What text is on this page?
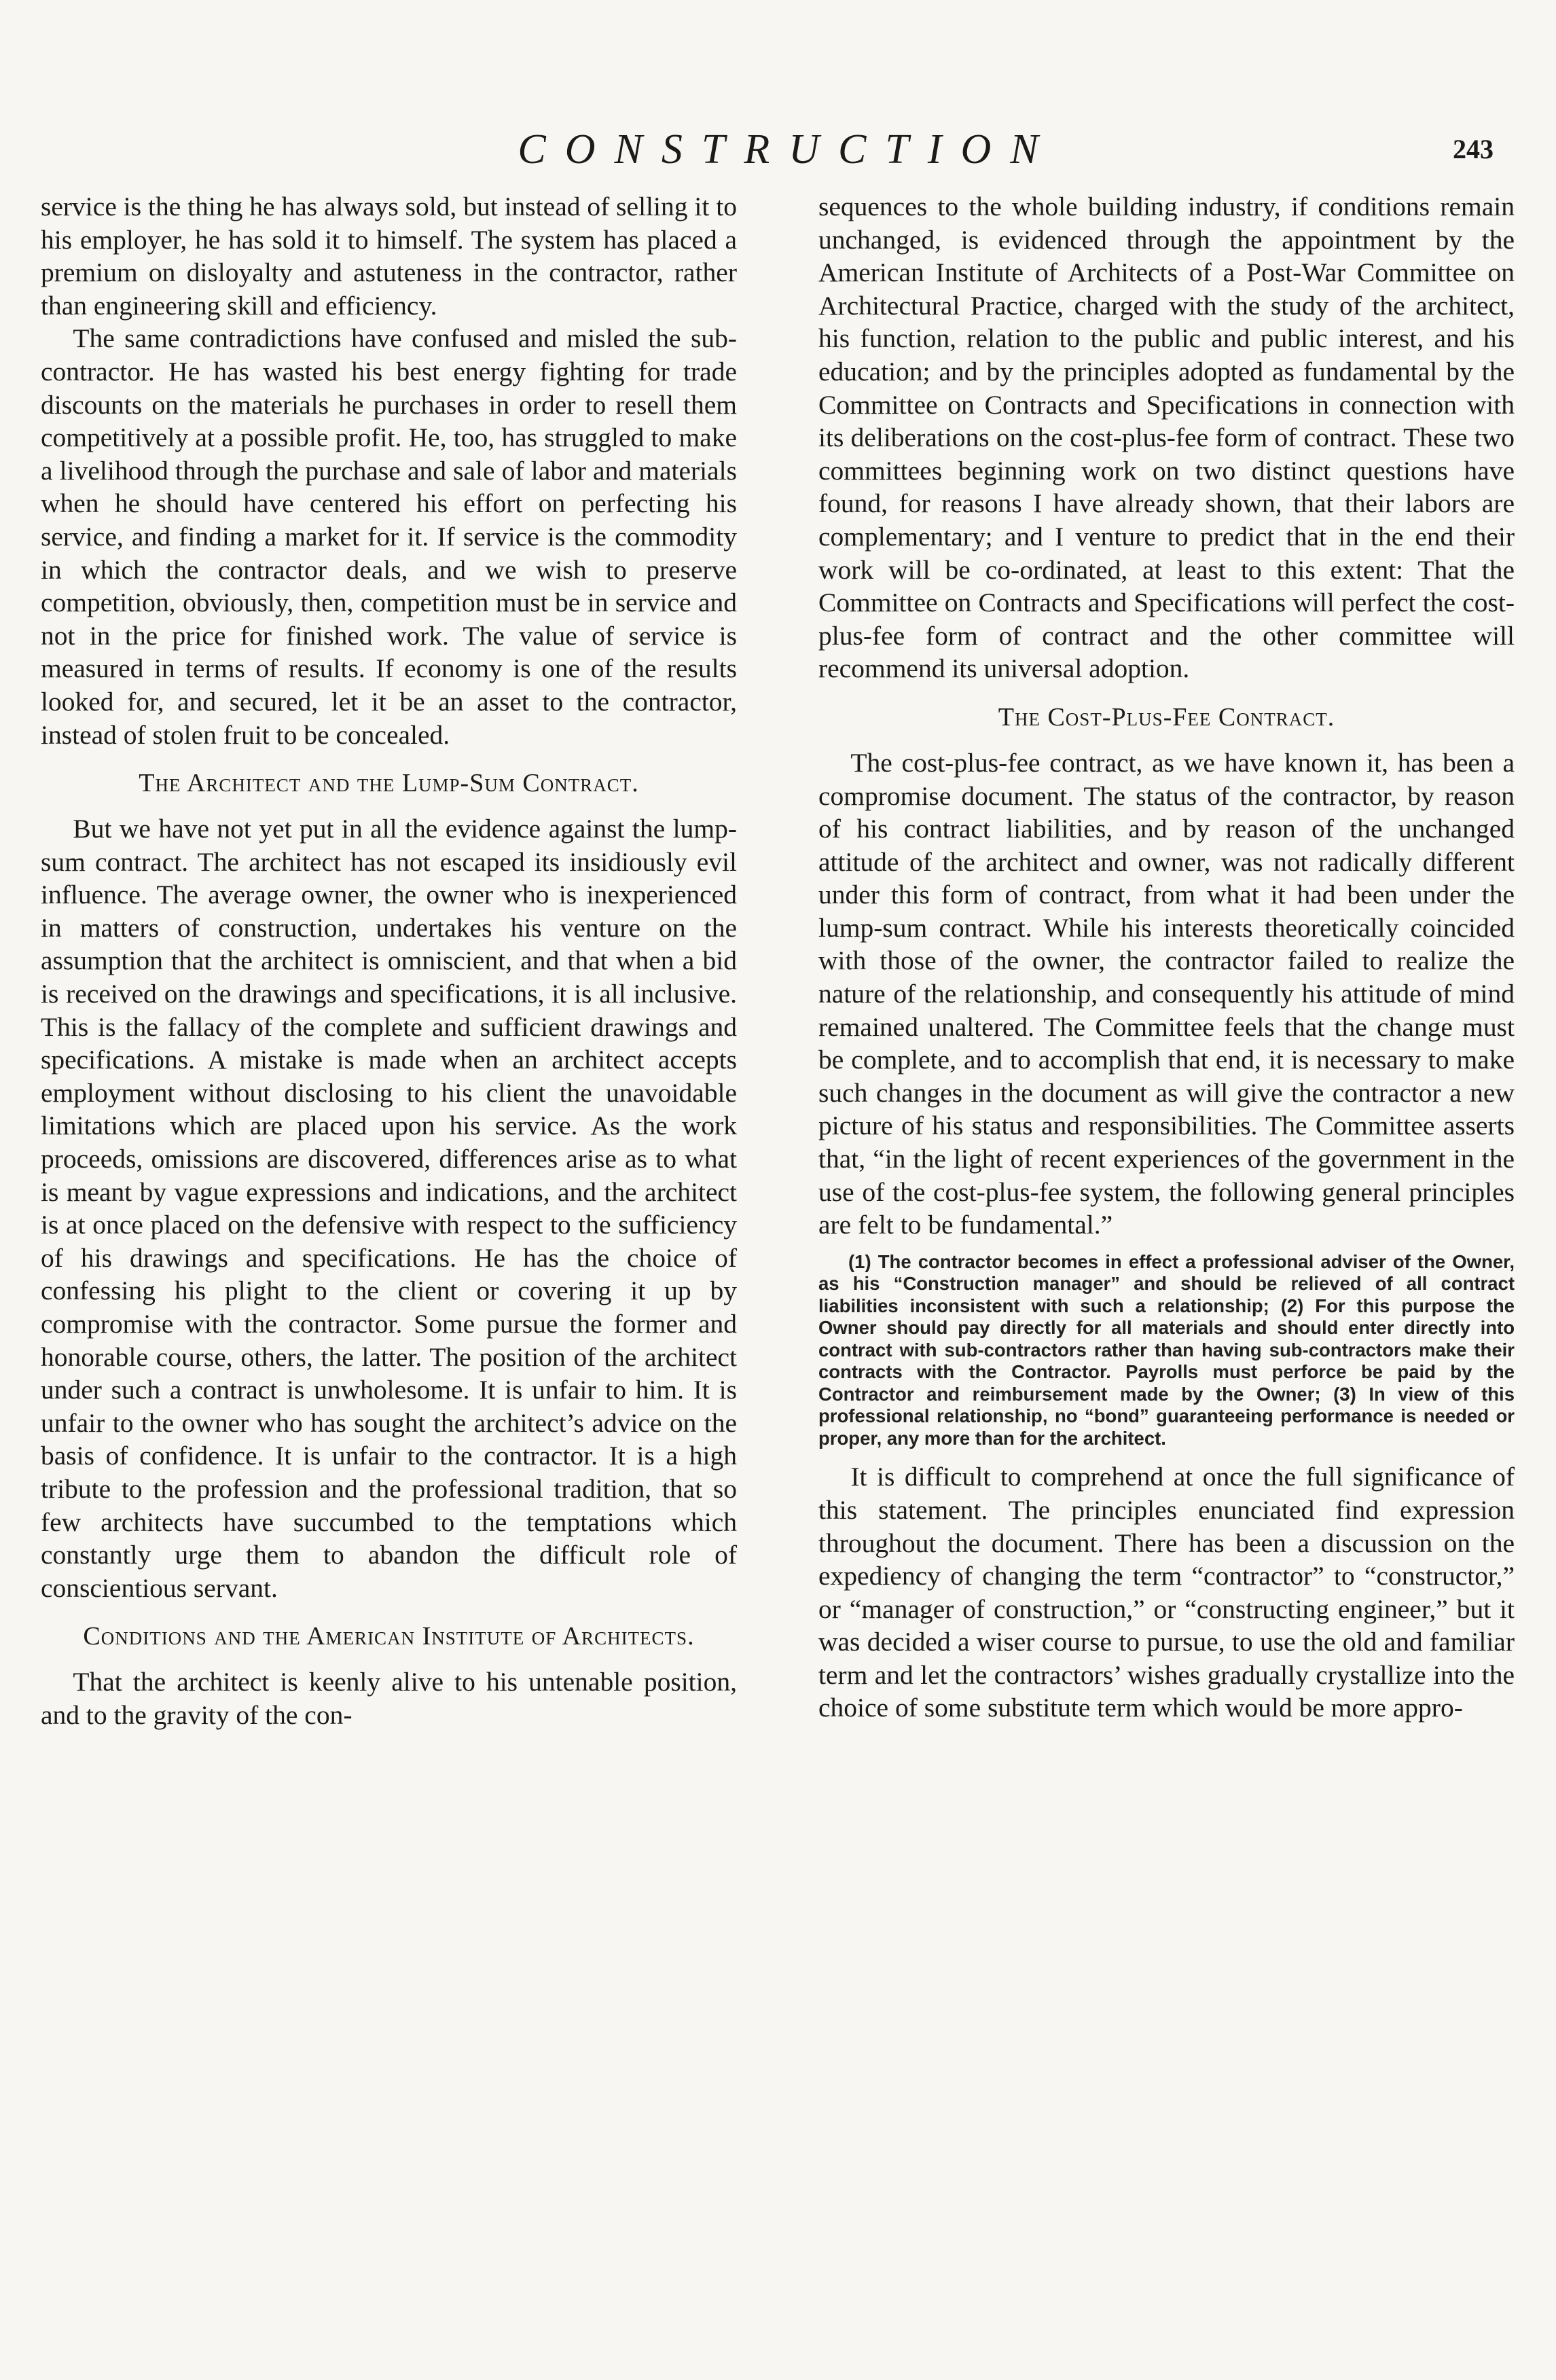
CONSTRUCTION	243

service is the thing he has always sold, but instead of selling it to his employer, he has sold it to himself. The system has placed a premium on disloyalty and astuteness in the contractor, rather than engineering skill and efficiency.

The same contradictions have confused and misled the sub-contractor. He has wasted his best energy fighting for trade discounts on the materials he purchases in order to resell them competitively at a possible profit. He, too, has struggled to make a livelihood through the purchase and sale of labor and materials when he should have centered his effort on perfecting his service, and finding a market for it. If service is the commodity in which the contractor deals, and we wish to preserve competition, obviously, then, competition must be in service and not in the price for finished work. The value of service is measured in terms of results. If economy is one of the results looked for, and secured, let it be an asset to the contractor, instead of stolen fruit to be concealed.

The Architect and the Lump-Sum Contract.

But we have not yet put in all the evidence against the lump-sum contract. The architect has not escaped its insidiously evil influence. The average owner, the owner who is inexperienced in matters of construction, undertakes his venture on the assumption that the architect is omniscient, and that when a bid is received on the drawings and specifications, it is all inclusive. This is the fallacy of the complete and sufficient drawings and specifications. A mistake is made when an architect accepts employment without disclosing to his client the unavoidable limitations which are placed upon his service. As the work proceeds, omissions are discovered, differences arise as to what is meant by vague expressions and indications, and the architect is at once placed on the defensive with respect to the sufficiency of his drawings and specifications. He has the choice of confessing his plight to the client or covering it up by compromise with the contractor. Some pursue the former and honorable course, others, the latter. The position of the architect under such a contract is unwholesome. It is unfair to him. It is unfair to the owner who has sought the architect’s advice on the basis of confidence. It is unfair to the contractor. It is a high tribute to the profession and the professional tradition, that so few architects have succumbed to the temptations which constantly urge them to abandon the difficult role of conscientious servant.

Conditions and the American Institute of Architects.

That the architect is keenly alive to his untenable position, and to the gravity of the con-

sequences to the whole building industry, if conditions remain unchanged, is evidenced through the appointment by the American Institute of Architects of a Post-War Committee on Architectural Practice, charged with the study of the architect, his function, relation to the public and public interest, and his education; and by the principles adopted as fundamental by the Committee on Contracts and Specifications in connection with its deliberations on the cost-plus-fee form of contract. These two committees beginning work on two distinct questions have found, for reasons I have already shown, that their labors are complementary; and I venture to predict that in the end their work will be co-ordinated, at least to this extent: That the Committee on Contracts and Specifications will perfect the cost-plus-fee form of contract and the other committee will recommend its universal adoption.

The Cost-Plus-Fee Contract.

The cost-plus-fee contract, as we have known it, has been a compromise document. The status of the contractor, by reason of his contract liabilities, and by reason of the unchanged attitude of the architect and owner, was not radically different under this form of contract, from what it had been under the lump-sum contract. While his interests theoretically coincided with those of the owner, the contractor failed to realize the nature of the relationship, and consequently his attitude of mind remained unaltered. The Committee feels that the change must be complete, and to accomplish that end, it is necessary to make such changes in the document as will give the contractor a new picture of his status and responsibilities. The Committee asserts that, “in the light of recent experiences of the government in the use of the cost-plus-fee system, the following general principles are felt to be fundamental.”

(1) The contractor becomes in effect a professional adviser of the Owner, as his “Construction manager” and should be relieved of all contract liabilities inconsistent with such a relationship; (2) For this purpose the Owner should pay directly for all materials and should enter directly into contract with sub-contractors rather than having sub-contractors make their contracts with the Contractor. Payrolls must perforce be paid by the Contractor and reimbursement made by the Owner; (3) In view of this professional relationship, no “bond” guaranteeing performance is needed or proper, any more than for the architect.

It is difficult to comprehend at once the full significance of this statement. The principles enunciated find expression throughout the document. There has been a discussion on the expediency of changing the term “contractor” to “constructor,” or “manager of construction,” or “constructing engineer,” but it was decided a wiser course to pursue, to use the old and familiar term and let the contractors’ wishes gradually crystallize into the choice of some substitute term which would be more appro-
